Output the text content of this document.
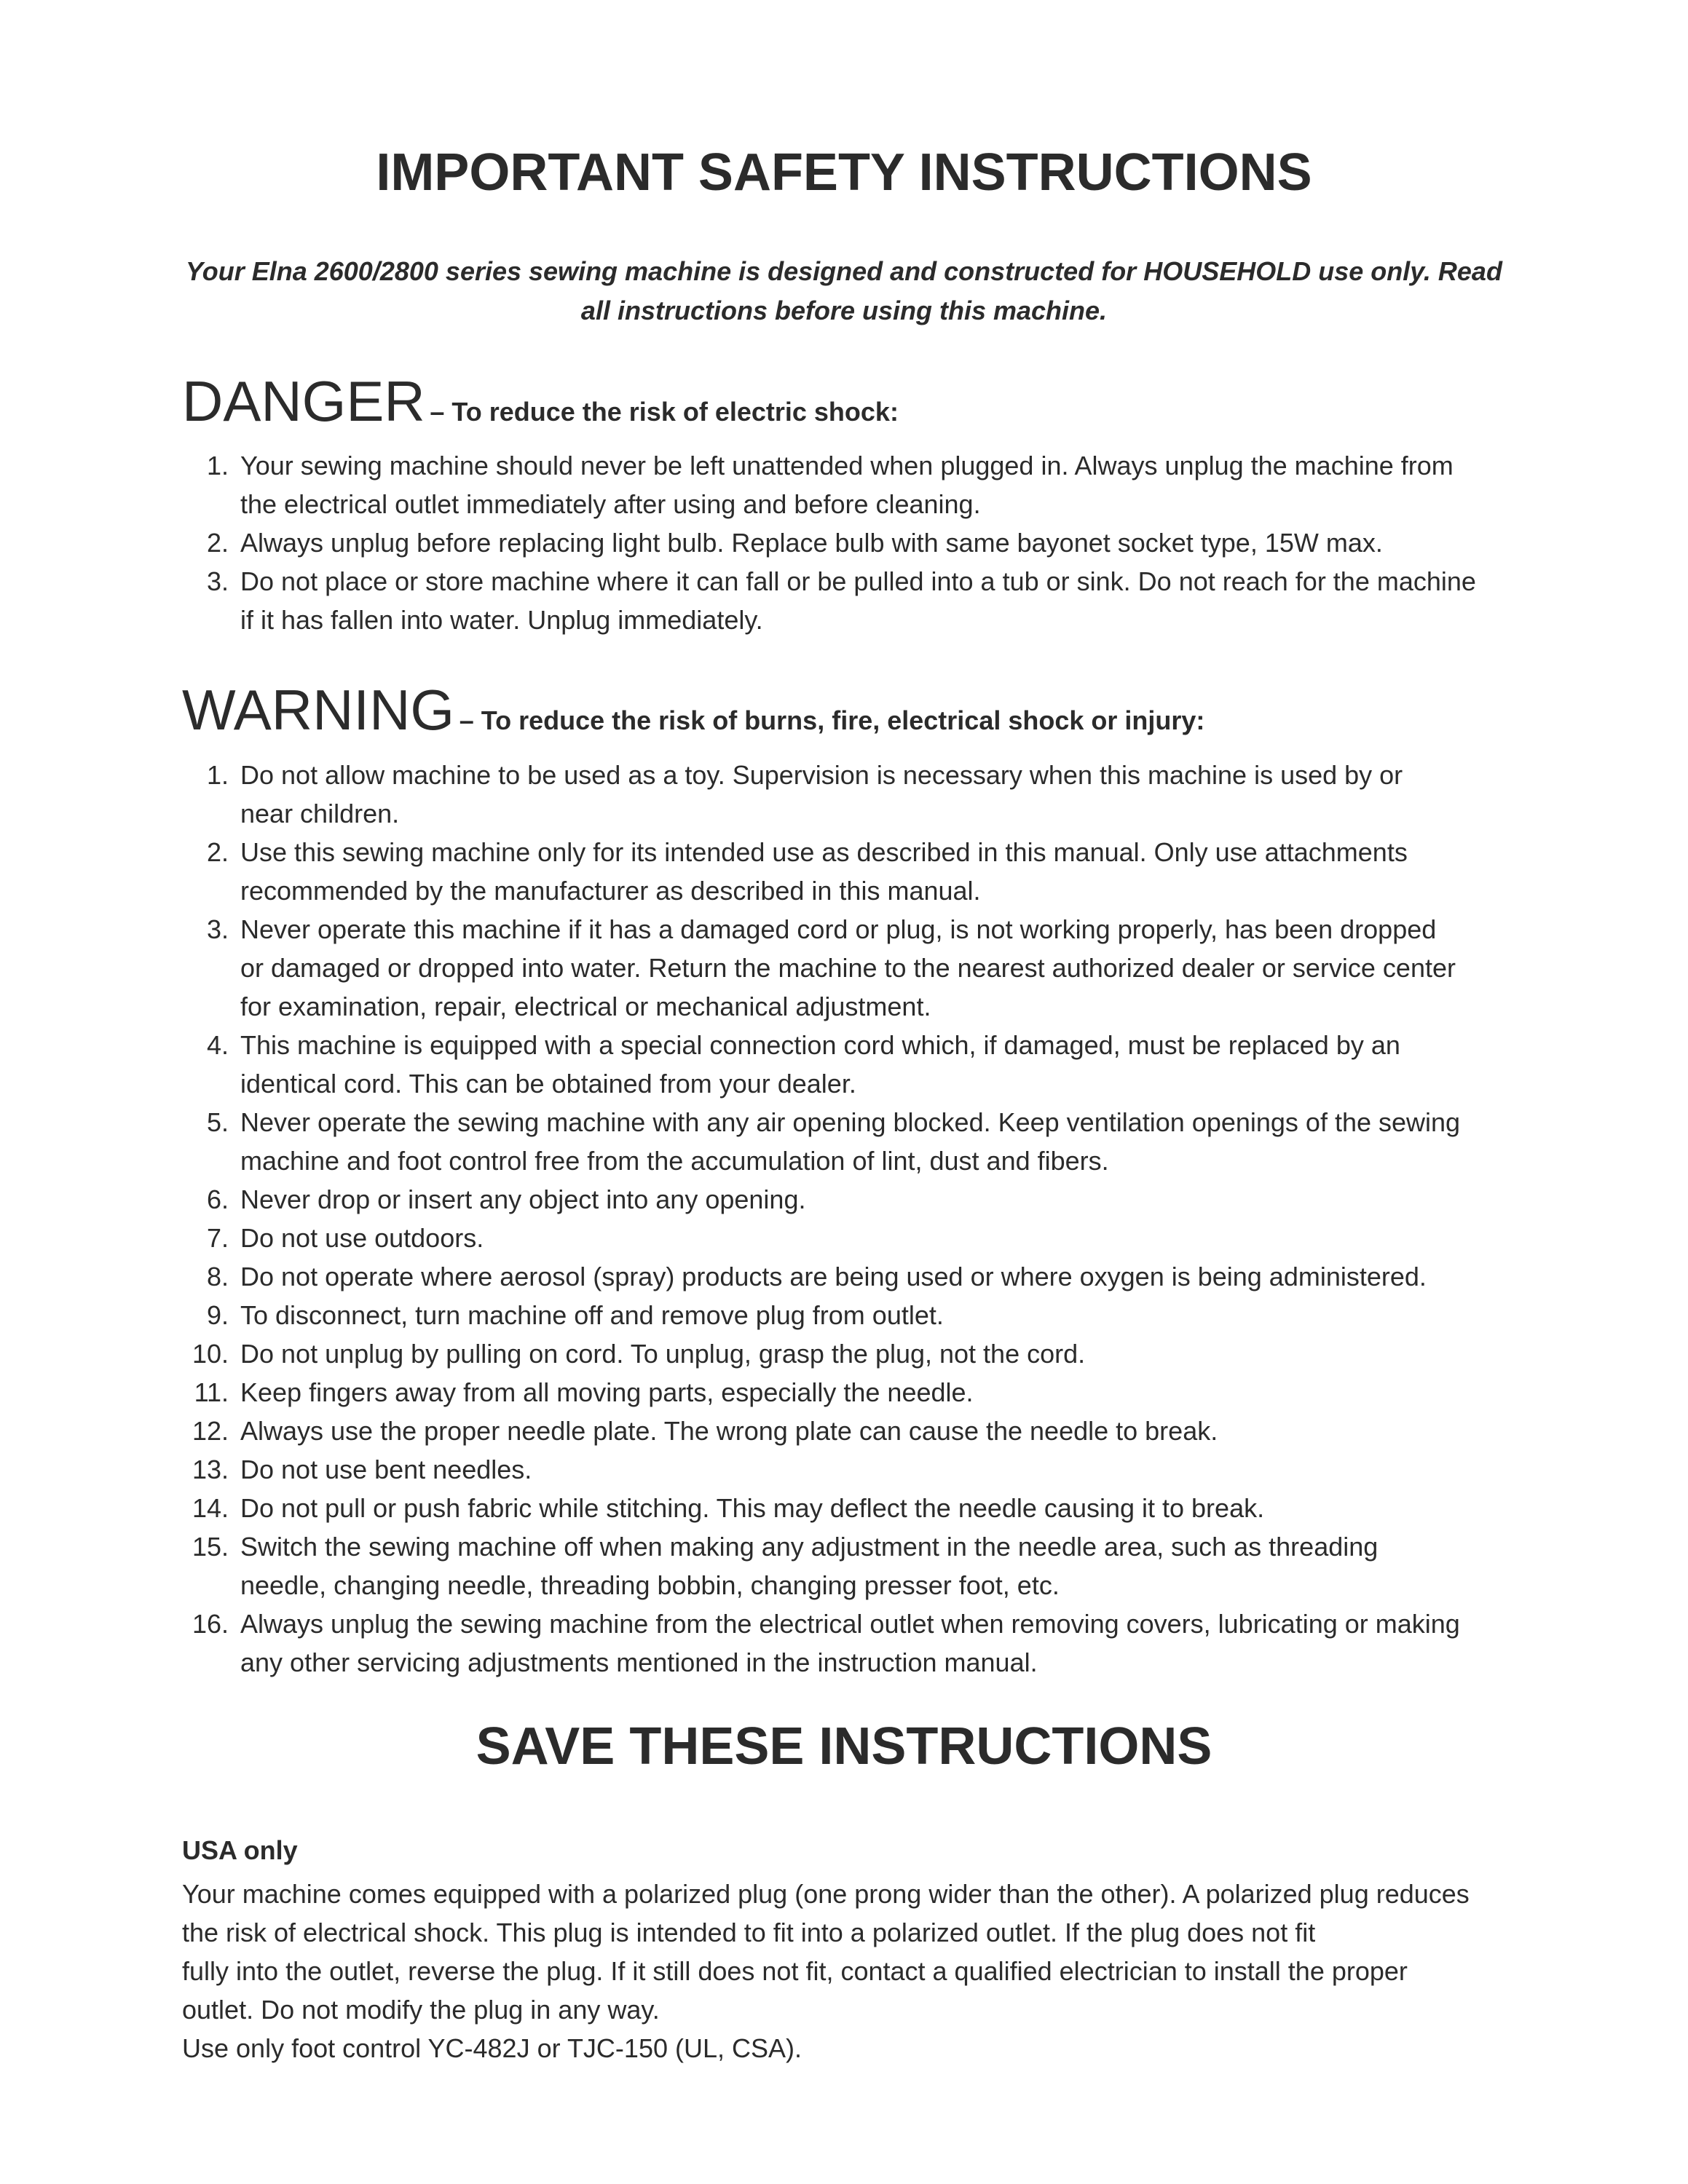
IMPORTANT SAFETY INSTRUCTIONS

Your Elna 2600/2800 series sewing machine is designed and constructed for HOUSEHOLD use only. Read
all instructions before using this machine.

DANGER – To reduce the risk of electric shock:
1. Your sewing machine should never be left unattended when plugged in. Always unplug the machine from
the electrical outlet immediately after using and before cleaning.
2. Always unplug before replacing light bulb. Replace bulb with same bayonet socket type, 15W max.
3. Do not place or store machine where it can fall or be pulled into a tub or sink. Do not reach for the machine
if it has fallen into water. Unplug immediately.
WARNING – To reduce the risk of burns, fire, electrical shock or injury:
1. Do not allow machine to be used as a toy. Supervision is necessary when this machine is used by or
near children.
2. Use this sewing machine only for its intended use as described in this manual. Only use attachments
recommended by the manufacturer as described in this manual.
3. Never operate this machine if it has a damaged cord or plug, is not working properly, has been dropped
or damaged or dropped into water. Return the machine to the nearest authorized dealer or service center
for examination, repair, electrical or mechanical adjustment.
4. This machine is equipped with a special connection cord which, if damaged, must be replaced by an
identical cord. This can be obtained from your dealer.
5. Never operate the sewing machine with any air opening blocked. Keep ventilation openings of the sewing
machine and foot control free from the accumulation of lint, dust and fibers.
6. Never drop or insert any object into any opening.
7. Do not use outdoors.
8. Do not operate where aerosol (spray) products are being used or where oxygen is being administered.
9. To disconnect, turn machine off and remove plug from outlet.
10. Do not unplug by pulling on cord. To unplug, grasp the plug, not the cord.
11. Keep fingers away from all moving parts, especially the needle.
12. Always use the proper needle plate. The wrong plate can cause the needle to break.
13. Do not use bent needles.
14. Do not pull or push fabric while stitching. This may deflect the needle causing it to break.
15. Switch the sewing machine off when making any adjustment in the needle area, such as threading
needle, changing needle, threading bobbin, changing presser foot, etc.
16. Always unplug the sewing machine from the electrical outlet when removing covers, lubricating or making
any other servicing adjustments mentioned in the instruction manual.
SAVE THESE INSTRUCTIONS

USA only

Your machine comes equipped with a polarized plug (one prong wider than the other). A polarized plug reduces
the risk of electrical shock. This plug is intended to fit into a polarized outlet. If the plug does not fit
fully into the outlet, reverse the plug. If it still does not fit, contact a qualified electrician to install the proper
outlet. Do not modify the plug in any way.
Use only foot control YC-482J or TJC-150 (UL, CSA).
